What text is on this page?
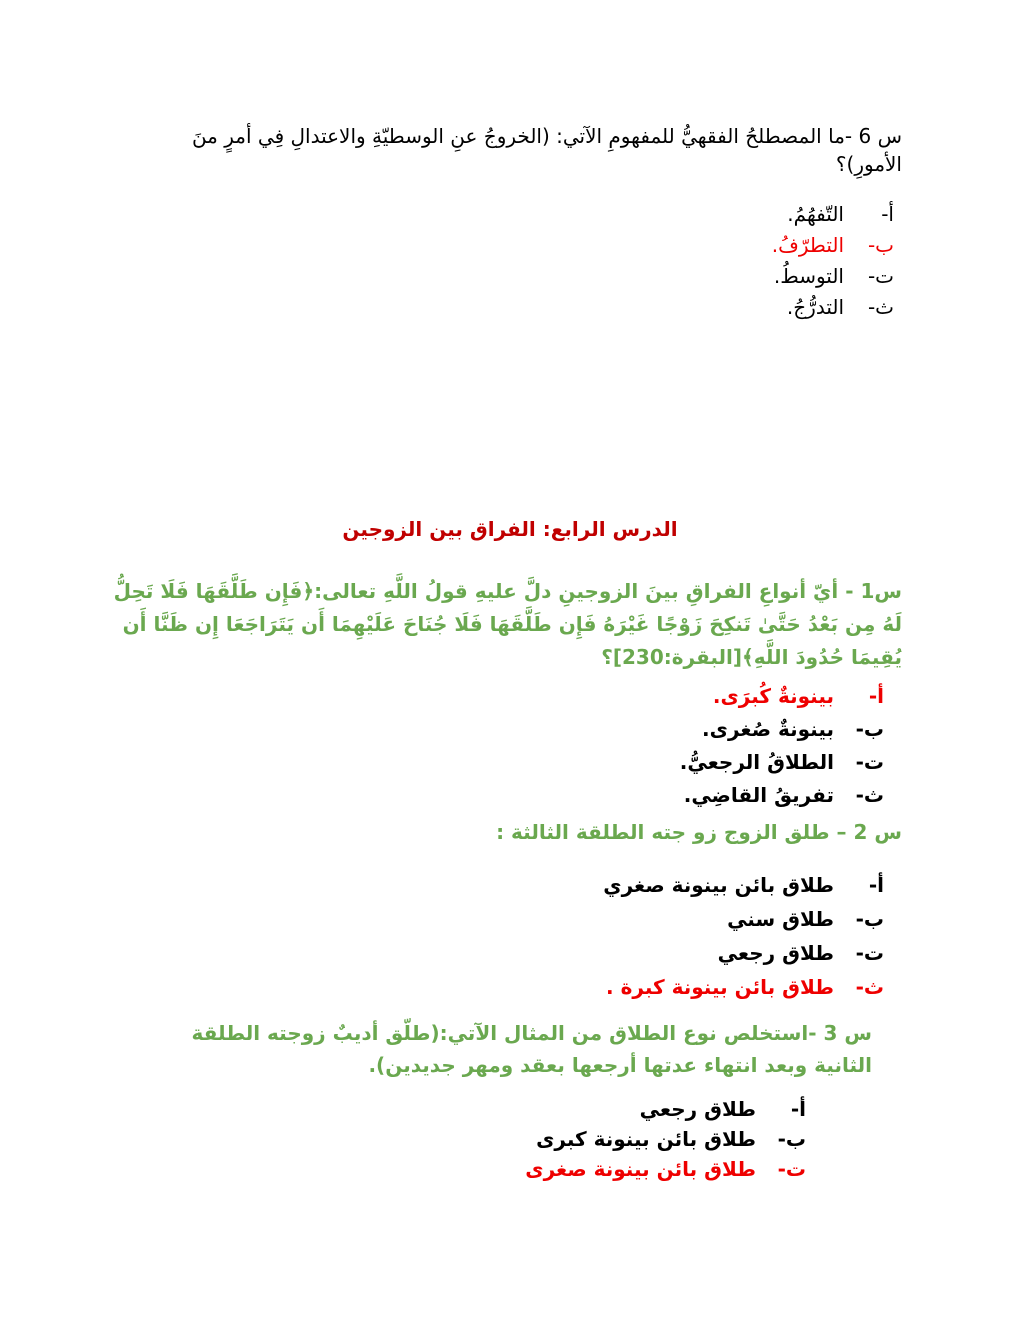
س 6 -ما المصطلحُ الفقهيُّ للمفهومِ الآتي: (الخروجُ عنِ الوسطيّةِ والاعتدالِ فِي أمرٍ منَ الأمورِ)؟
أ-
التّفهُمُ.
ب-
التطرّفُ.
ت-
التوسطُ.
ث-
التدرُّجُ.
الدرس الرابع: الفراق بين الزوجين
س1 - أيّ أنواعِ الفراقِ بينَ الزوجينِ دلَّ عليهِ قولُ اللَّهِ تعالى:﴿فَإِن طَلَّقَهَا فَلَا تَحِلُّ لَهُ مِن بَعْدُ حَتَّىٰ تَنكِحَ زَوْجًا غَيْرَهُ فَإِن طَلَّقَهَا فَلَا جُنَاحَ عَلَيْهِمَا أَن يَتَرَاجَعَا إِن ظَنَّا أَن يُقِيمَا حُدُودَ اللَّهِ﴾[البقرة:230]؟
أ-
بينونةٌ كُبرَى.
ب-
بينونةٌ صُغرى.
ت-
الطلاقُ الرجعيُّ.
ث-
تفريقُ القاضِي.
س 2 – طلق الزوج زو جته الطلقة الثالثة :
أ-
طلاق بائن بينونة صغري
ب-
طلاق سني
ت-
طلاق رجعي
ث-
طلاق بائن بينونة كبرة .
س 3 -استخلص نوع الطلاق من المثال الآتي:(طلّق أديبٌ زوجته الطلقة الثانية وبعد انتهاء عدتها أرجعها بعقد ومهر جديدين).
أ-
طلاق رجعي
ب-
طلاق بائن بينونة كبرى
ت-
طلاق بائن بينونة صغرى
